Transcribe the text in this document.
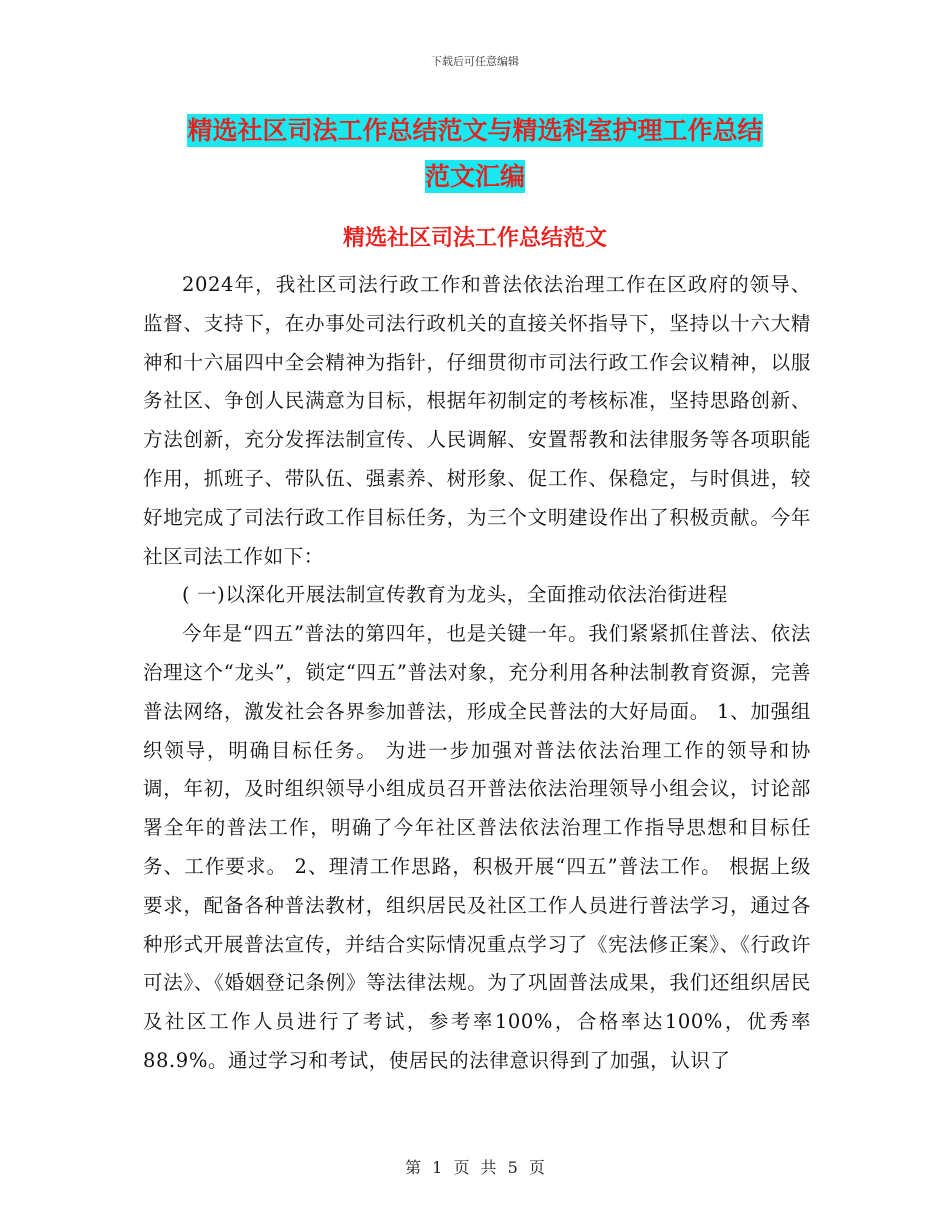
下载后可任意编辑
精选社区司法工作总结范文与精选科室护理工作总结
范文汇编
精选社区司法工作总结范文

2024年，我社区司法行政工作和普法依法治理工作在区政府的领导、监督、支持下，在办事处司法行政机关的直接关怀指导下，坚持以十六大精神和十六届四中全会精神为指针，仔细贯彻市司法行政工作会议精神，以服务社区、争创人民满意为目标，根据年初制定的考核标准，坚持思路创新、方法创新，充分发挥法制宣传、人民调解、安置帮教和法律服务等各项职能作用，抓班子、带队伍、强素养、树形象、促工作、保稳定，与时俱进，较好地完成了司法行政工作目标任务，为三个文明建设作出了积极贡献。今年社区司法工作如下：

( 一)以深化开展法制宣传教育为龙头，全面推动依法治街进程

今年是“四五”普法的第四年，也是关键一年。我们紧紧抓住普法、依法治理这个“龙头”，锁定“四五”普法对象，充分利用各种法制教育资源，完善普法网络，激发社会各界参加普法，形成全民普法的大好局面。 1、加强组织领导，明确目标任务。 为进一步加强对普法依法治理工作的领导和协调，年初，及时组织领导小组成员召开普法依法治理领导小组会议，讨论部署全年的普法工作，明确了今年社区普法依法治理工作指导思想和目标任务、工作要求。 2、理清工作思路，积极开展“四五”普法工作。 根据上级要求，配备各种普法教材，组织居民及社区工作人员进行普法学习，通过各种形式开展普法宣传，并结合实际情况重点学习了《宪法修正案》、《行政许可法》、《婚姻登记条例》等法律法规。为了巩固普法成果，我们还组织居民及社区工作人员进行了考试，参考率100%，合格率达100%，优秀率88.9%。通过学习和考试，使居民的法律意识得到了加强，认识了

第 1 页 共 5 页
